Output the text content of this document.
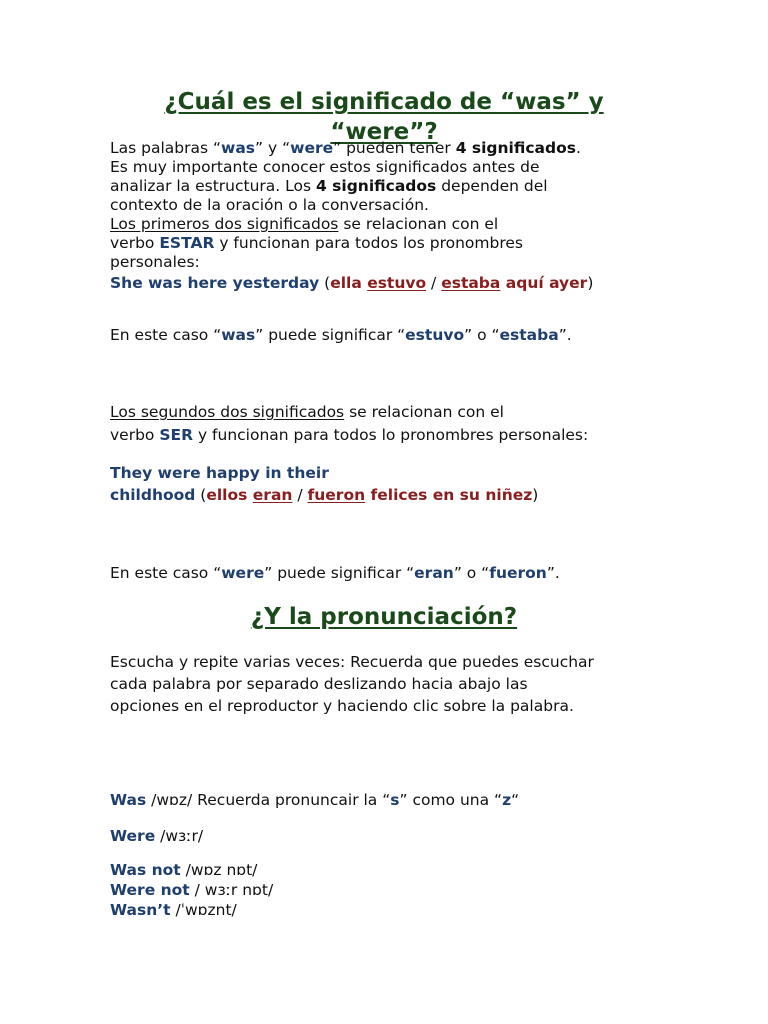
¿Cuál es el significado de “was” y
“were”?

Las palabras “was” y “were” pueden tener 4 significados.

Es muy importante conocer estos significados antes de

analizar la estructura. Los 4 significados dependen del

contexto de la oración o la conversación.

Los primeros dos significados se relacionan con el

verbo ESTAR y funcionan para todos los pronombres

personales:

She was here yesterday (ella estuvo / estaba aquí ayer)

En este caso “was” puede significar “estuvo” o “estaba”.

Los segundos dos significados se relacionan con el

verbo SER y funcionan para todos lo pronombres personales:

They were happy in their

childhood (ellos eran / fueron felices en su niñez)

En este caso “were” puede significar “eran” o “fueron”.

¿Y la pronunciación?

Escucha y repite varias veces: Recuerda que puedes escuchar

cada palabra por separado deslizando hacia abajo las

opciones en el reproductor y haciendo clic sobre la palabra.

Was /wɒz/ Recuerda pronuncair la “s” como una “z“

Were /wɜːr/

Was not /wɒz nɒt/

Were not / wɜːr nɒt/

Wasn’t /ˈwɒznt/
